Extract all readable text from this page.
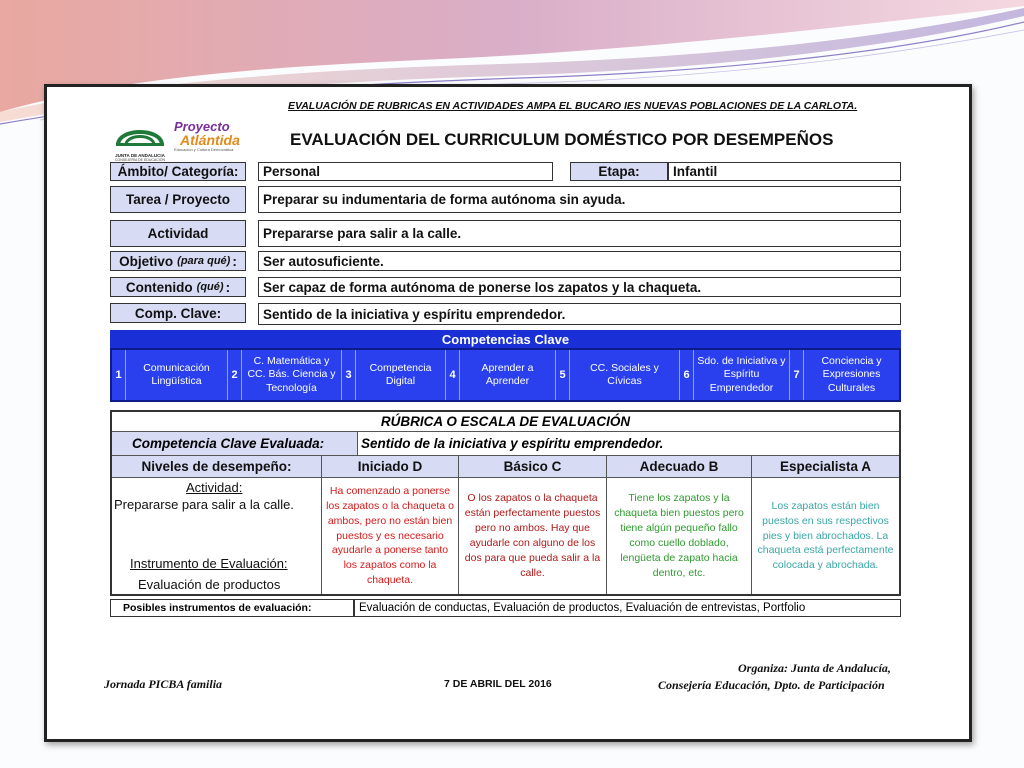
EVALUACIÓN DE RUBRICAS EN ACTIVIDADES AMPA EL BUCARO IES NUEVAS POBLACIONES DE LA CARLOTA.
JUNTA DE ANDALUCIA
CONSEJERÍA DE EDUCACIÓN
Proyecto
Atlántida
Educación y Cultura Democrática
EVALUACIÓN DEL CURRICULUM DOMÉSTICO POR DESEMPEÑOS
Ámbito/ Categoría:	Personal	Etapa:	Infantil
Tarea / Proyecto	Preparar su indumentaria de forma autónoma sin ayuda.
Actividad	Prepararse para salir a la calle.
Objetivo (para qué) :	Ser autosuficiente.
Contenido (qué) :	Ser capaz de forma autónoma de ponerse los zapatos y la chaqueta.
Comp. Clave:	Sentido de la iniciativa y espíritu emprendedor.
Competencias Clave
1
Comunicación Lingüística	2
C. Matemática y CC. Bás. Ciencia y Tecnología
3
Competencia Digital	4
Aprender a Aprender	5
CC. Sociales y Cívicas	6
Sdo. de Iniciativa y Espíritu Emprendedor
7
Conciencia y Expresiones Culturales
RÚBRICA O ESCALA DE EVALUACIÓN
Competencia Clave Evaluada:	Sentido de la iniciativa y espíritu emprendedor.
Niveles de desempeño:	Iniciado D	Básico C	Adecuado B	Especialista A
Actividad:
Prepararse para salir a la calle.
Instrumento de Evaluación:
Evaluación de productos
Ha comenzado a ponerse los zapatos o la chaqueta o ambos, pero no están bien puestos y es necesario ayudarle a ponerse tanto los zapatos como la chaqueta.
O los zapatos o la chaqueta están perfectamente puestos pero no ambos. Hay que ayudarle con alguno de los dos para que pueda salir a la calle.
Tiene los zapatos y la chaqueta bien puestos pero tiene algún pequeño fallo como cuello doblado, lengüeta de zapato hacia dentro, etc.
Los zapatos están bien puestos en sus respectivos pies y bien abrochados. La chaqueta está perfectamente colocada y abrochada.
Posibles instrumentos de evaluación:	Evaluación de conductas, Evaluación de productos, Evaluación de entrevistas, Portfolio
Jornada PICBA familia	7 DE ABRIL DEL 2016
Organiza: Junta de Andalucía,
Consejería Educación, Dpto. de Participación
